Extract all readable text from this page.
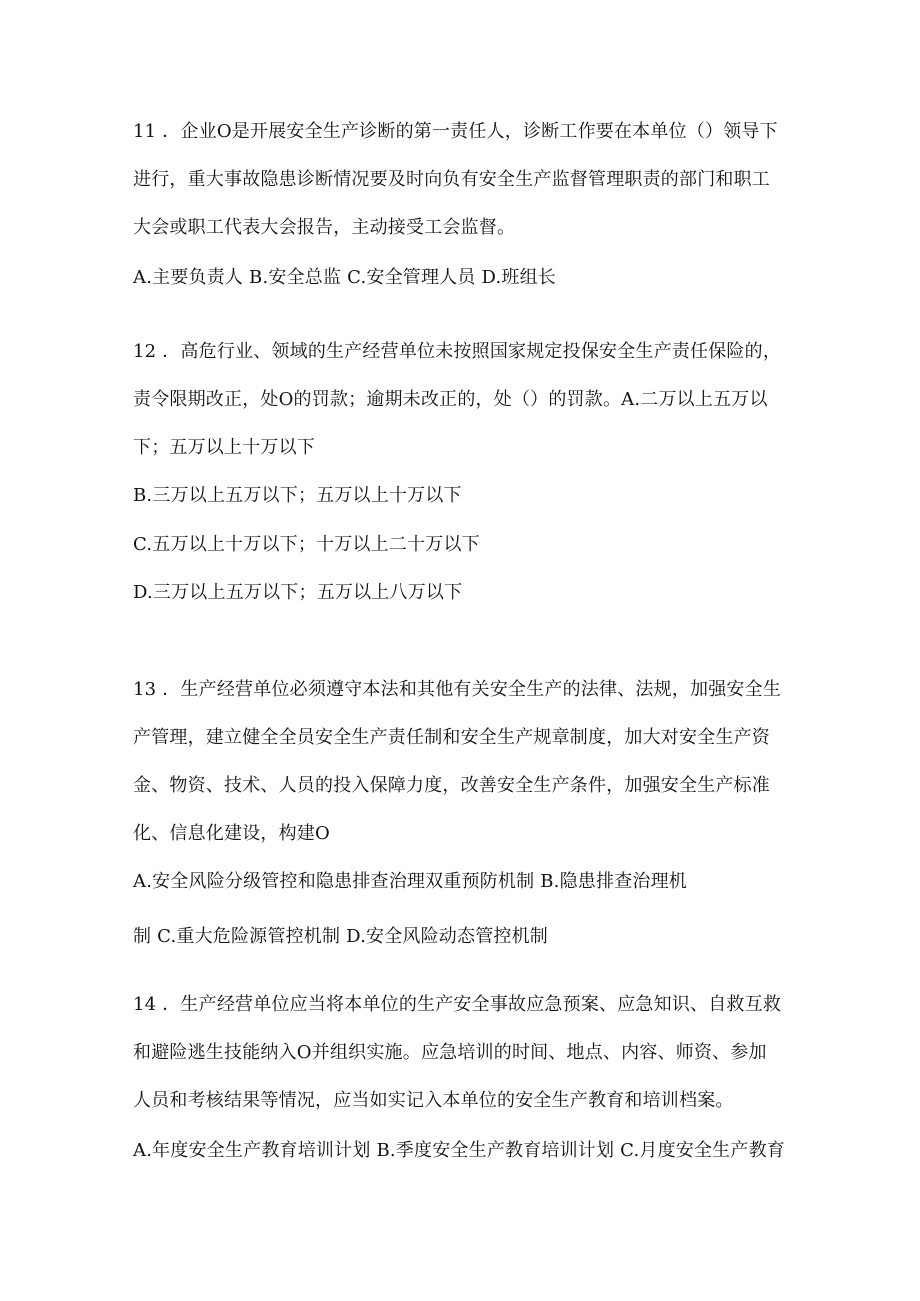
11 ．企业O是开展安全生产诊断的第一责任人，诊断工作要在本单位（）领导下
进行，重大事故隐患诊断情况要及时向负有安全生产监督管理职责的部门和职工
大会或职工代表大会报告，主动接受工会监督。
A.主要负责人 B.安全总监 C.安全管理人员 D.班组长
12 ．高危行业、领域的生产经营单位未按照国家规定投保安全生产责任保险的，
责令限期改正，处O的罚款；逾期未改正的，处（）的罚款。A.二万以上五万以
下；五万以上十万以下
B.三万以上五万以下；五万以上十万以下
C.五万以上十万以下；十万以上二十万以下
D.三万以上五万以下；五万以上八万以下
13 ．生产经营单位必须遵守本法和其他有关安全生产的法律、法规，加强安全生
产管理，建立健全全员安全生产责任制和安全生产规章制度，加大对安全生产资
金、物资、技术、人员的投入保障力度，改善安全生产条件，加强安全生产标准
化、信息化建设，构建O
A.安全风险分级管控和隐患排查治理双重预防机制 B.隐患排查治理机
制 C.重大危险源管控机制 D.安全风险动态管控机制
14 ．生产经营单位应当将本单位的生产安全事故应急预案、应急知识、自救互救
和避险逃生技能纳入O并组织实施。应急培训的时间、地点、内容、师资、参加
人员和考核结果等情况，应当如实记入本单位的安全生产教育和培训档案。
A.年度安全生产教育培训计划 B.季度安全生产教育培训计划 C.月度安全生产教育
